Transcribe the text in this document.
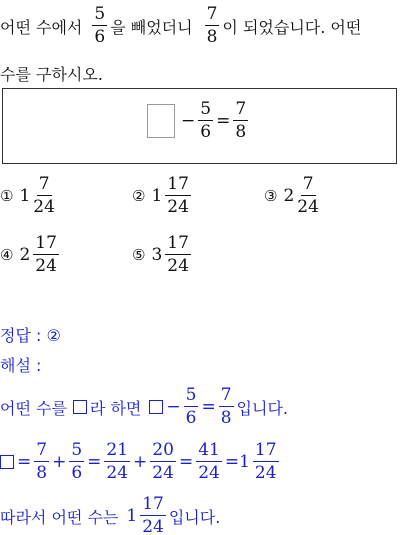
어떤 수에서 $\frac{5}{6}$ 을 빼었더니 $\frac{7}{8}$ 이 되었습니다. 어떤
수를 구하시오.
− $\frac{5}{6} = \frac{7}{8}$
① $1 \frac{7}{24}$	② $1 \frac{17}{24}$	③ $2 \frac{7}{24}$
④ $2 \frac{17}{24}$	⑤ $3 \frac{17}{24}$
정답 : ②
해설 :
어떤 수를 라 하면 − $\frac{5}{6} = \frac{7}{8}$ 입니다.
= $\frac{7}{8} + \frac{5}{6} = \frac{21}{24} + \frac{20}{24} = \frac{41}{24} = 1 \frac{17}{24}$
따라서 어떤 수는 $1 \frac{17}{24}$ 입니다.
